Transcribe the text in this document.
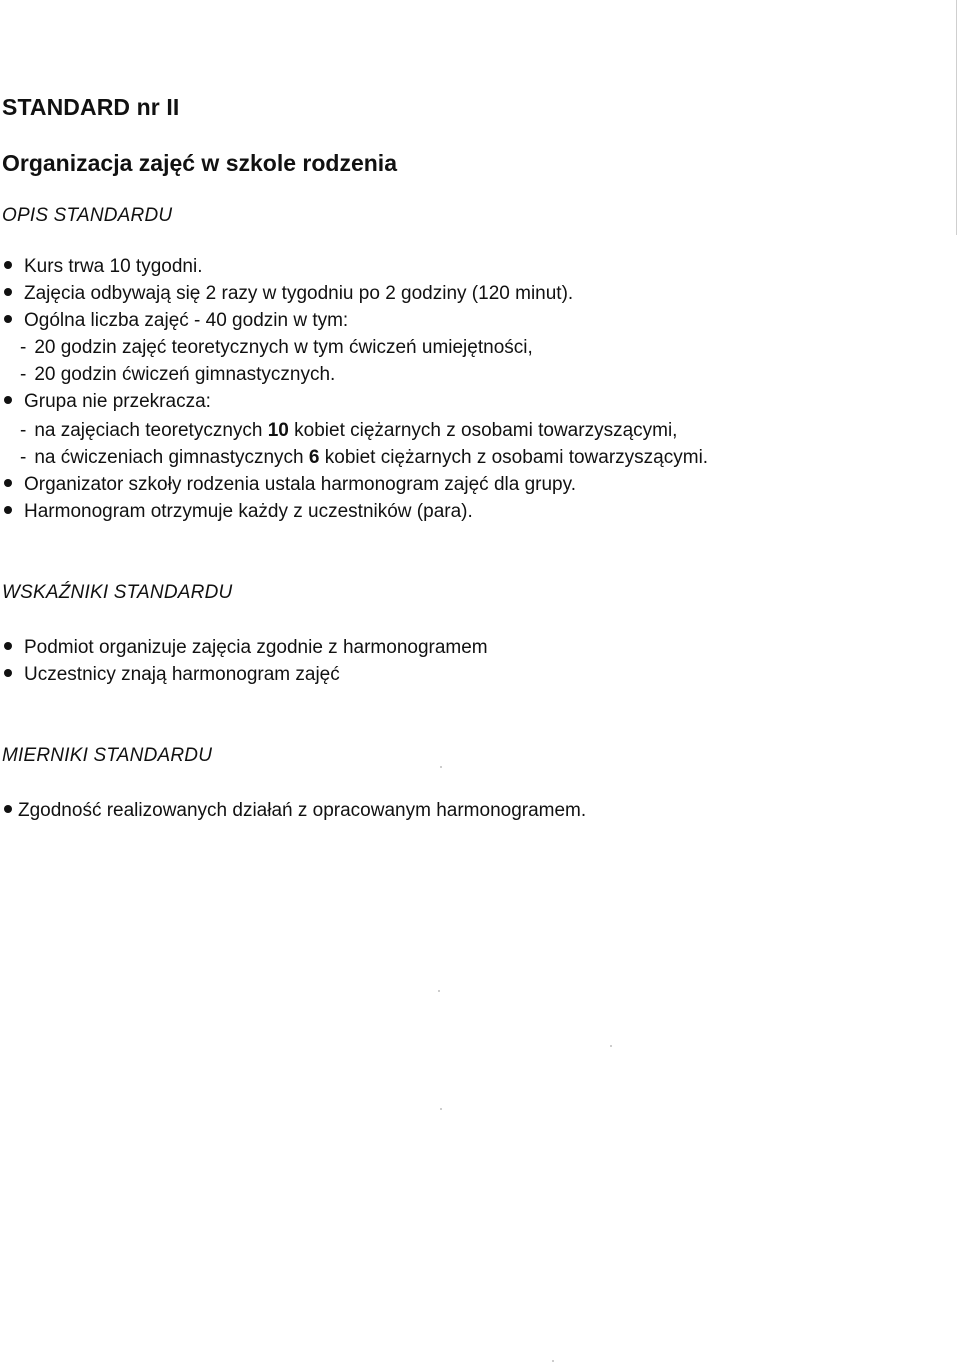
STANDARD nr II
Organizacja zajęć w szkole rodzenia
OPIS STANDARDU
Kurs trwa 10 tygodni.
Zajęcia odbywają się 2 razy w tygodniu po 2 godziny (120 minut).
Ogólna liczba zajęć - 40 godzin w tym:
- 20 godzin zajęć teoretycznych w tym ćwiczeń umiejętności,
- 20 godzin ćwiczeń gimnastycznych.
Grupa nie przekracza:
- na zajęciach teoretycznych 10 kobiet ciężarnych z osobami towarzyszącymi,
- na ćwiczeniach gimnastycznych 6 kobiet ciężarnych z osobami towarzyszącymi.
Organizator szkoły rodzenia ustala harmonogram zajęć dla grupy.
Harmonogram otrzymuje każdy z uczestników (para).
WSKAŹNIKI STANDARDU
Podmiot organizuje zajęcia zgodnie z harmonogramem
Uczestnicy znają harmonogram zajęć
MIERNIKI STANDARDU
Zgodność realizowanych działań z opracowanym harmonogramem.
